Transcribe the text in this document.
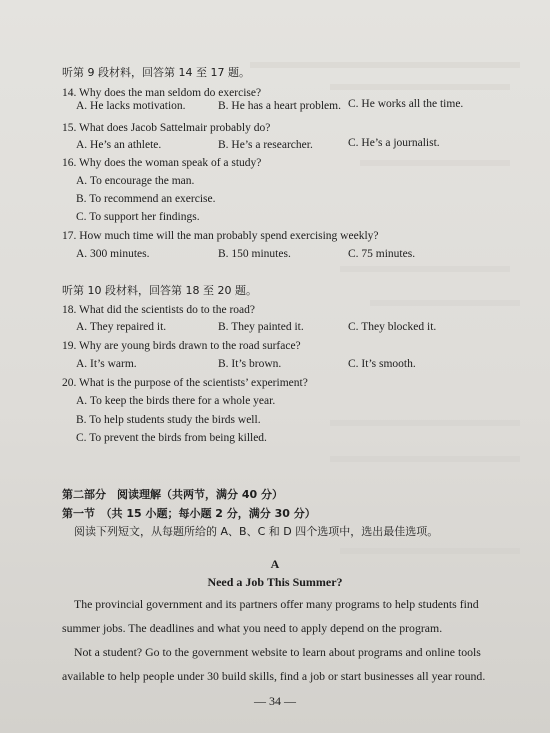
听第 9 段材料，回答第 14 至 17 题。
14. Why does the man seldom do exercise?
A. He lacks motivation.	B. He has a heart problem. C. He works all the time.
15. What does Jacob Sattelmair probably do?
A. He’s an athlete.	B. He’s a researcher.	C. He’s a journalist.
16. Why does the woman speak of a study?
A. To encourage the man.
B. To recommend an exercise.
C. To support her findings.
17. How much time will the man probably spend exercising weekly?
A. 300 minutes.	B. 150 minutes.	C. 75 minutes.
听第 10 段材料，回答第 18 至 20 题。
18. What did the scientists do to the road?
A. They repaired it.	B. They painted it.	C. They blocked it.
19. Why are young birds drawn to the road surface?
A. It’s warm.	B. It’s brown.	C. It’s smooth.
20. What is the purpose of the scientists’ experiment?
A. To keep the birds there for a whole year.
B. To help students study the birds well.
C. To prevent the birds from being killed.
第二部分　阅读理解（共两节，满分 40 分）
第一节　（共 15 小题；每小题 2 分，满分 30 分）
阅读下列短文，从每题所给的 A、B、C 和 D 四个选项中，选出最佳选项。
A
Need a Job This Summer?
The provincial government and its partners offer many programs to help students find summer jobs. The deadlines and what you need to apply depend on the program.
Not a student? Go to the government website to learn about programs and online tools available to help people under 30 build skills, find a job or start businesses all year round.
— 34 —
